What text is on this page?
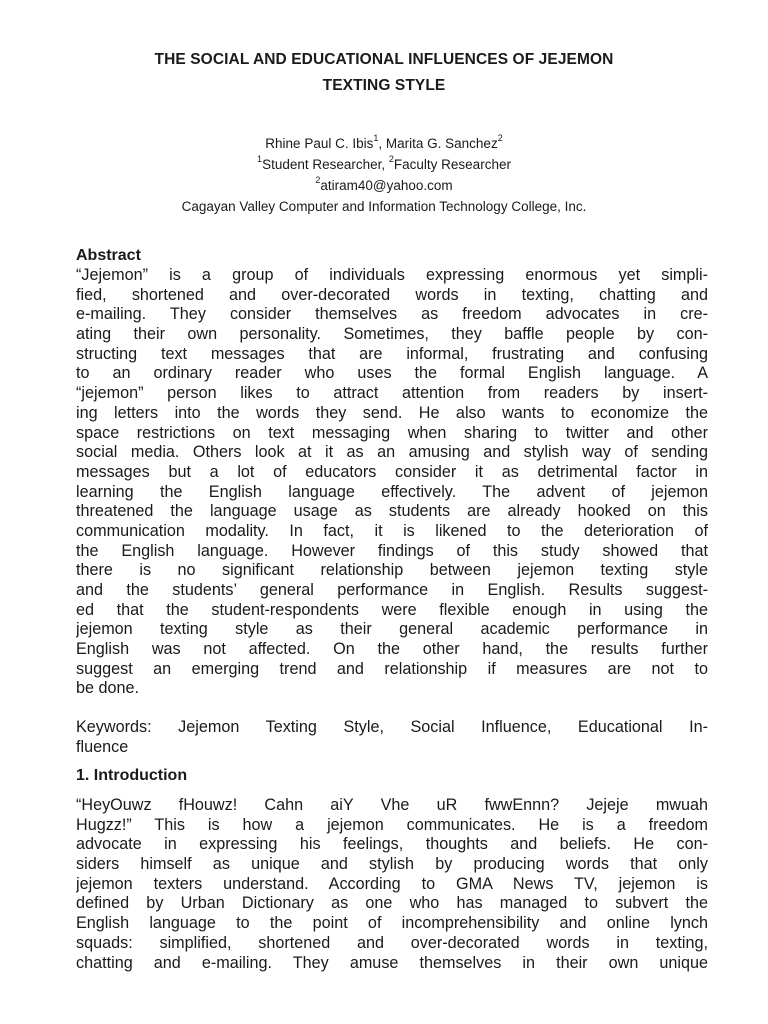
THE SOCIAL AND EDUCATIONAL INFLUENCES OF JEJEMON
TEXTING STYLE
Rhine Paul C. Ibis$^1$, Marita G. Sanchez$^2$
$^1$Student Researcher, $^2$Faculty Researcher
$^2$atiram40@yahoo.com
Cagayan Valley Computer and Information Technology College, Inc.
Abstract
“Jejemon” is a group of individuals expressing enormous yet simpli-
fied, shortened and over-decorated words in texting, chatting and
e-mailing. They consider themselves as freedom advocates in cre-
ating their own personality. Sometimes, they baffle people by con-
structing text messages that are informal, frustrating and confusing
to an ordinary reader who uses the formal English language. A
“jejemon” person likes to attract attention from readers by insert-
ing letters into the words they send. He also wants to economize the
space restrictions on text messaging when sharing to twitter and other
social media. Others look at it as an amusing and stylish way of sending
messages but a lot of educators consider it as detrimental factor in
learning the English language effectively. The advent of jejemon
threatened the language usage as students are already hooked on this
communication modality. In fact, it is likened to the deterioration of
the English language. However findings of this study showed that
there is no significant relationship between jejemon texting style
and the students’ general performance in English. Results suggest-
ed that the student-respondents were flexible enough in using the
jejemon texting style as their general academic performance in
English was not affected. On the other hand, the results further
suggest an emerging trend and relationship if measures are not to
be done.
Keywords: Jejemon Texting Style, Social Influence, Educational In-
fluence
1. Introduction
“HeyOuwz fHouwz! Cahn aiY Vhe uR fwwEnnn? Jejeje mwuah
Hugzz!” This is how a jejemon communicates. He is a freedom
advocate in expressing his feelings, thoughts and beliefs. He con-
siders himself as unique and stylish by producing words that only
jejemon texters understand. According to GMA News TV, jejemon is
defined by Urban Dictionary as one who has managed to subvert the
English language to the point of incomprehensibility and online lynch
squads: simplified, shortened and over-decorated words in texting,
chatting and e-mailing. They amuse themselves in their own unique
